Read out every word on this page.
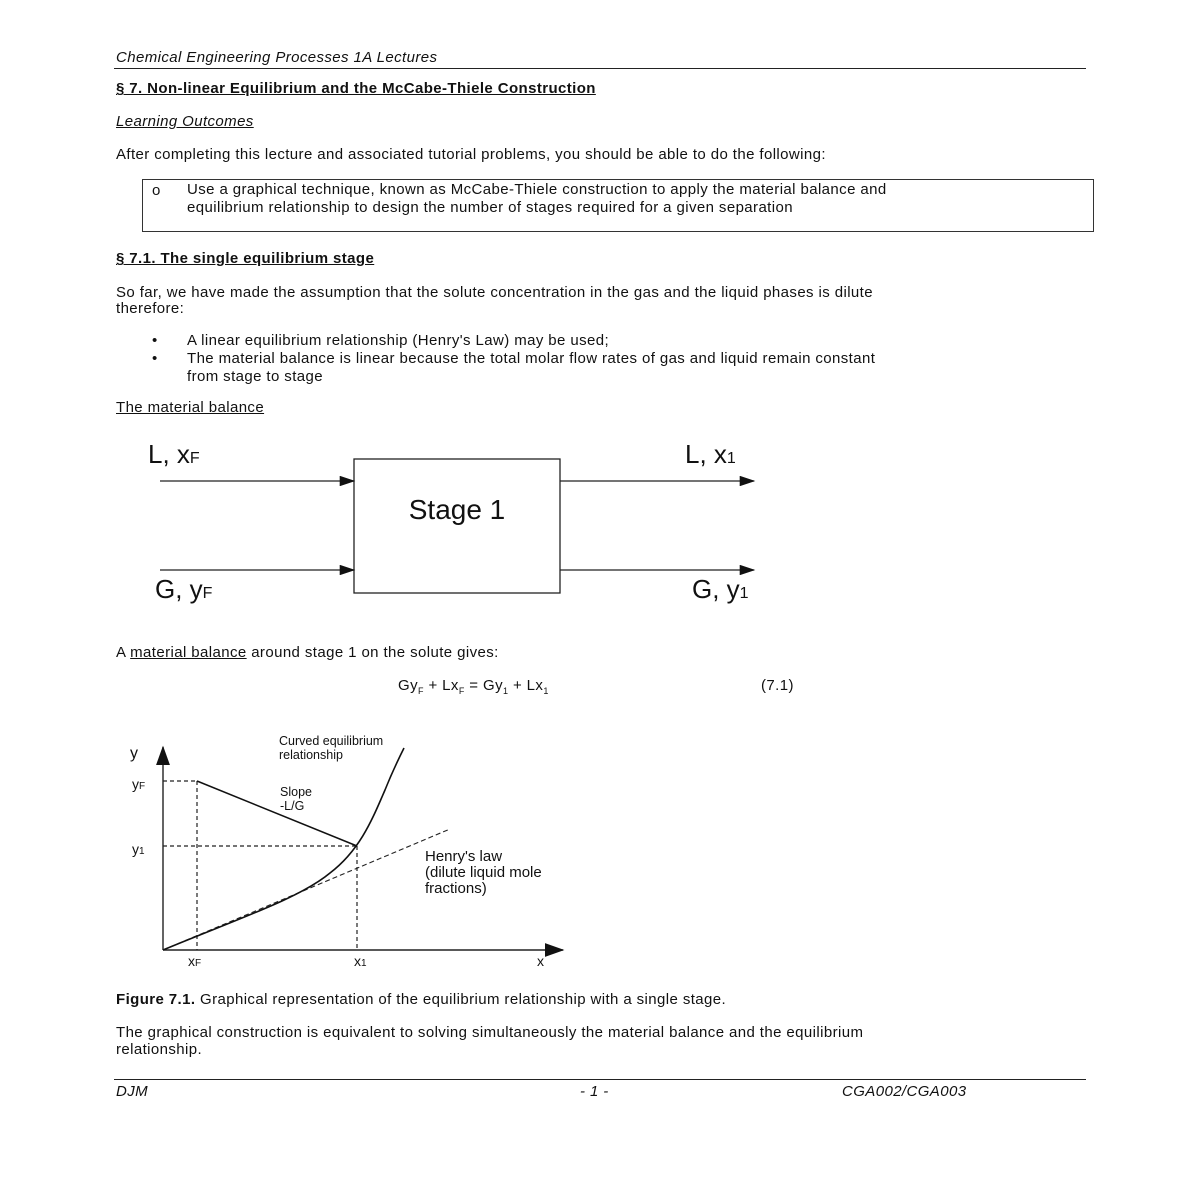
Chemical Engineering Processes 1A Lectures
§ 7. Non-linear Equilibrium and the McCabe-Thiele Construction
Learning Outcomes
After completing this lecture and associated tutorial problems, you should be able to do the following:
o Use a graphical technique, known as McCabe-Thiele construction to apply the material balance and
equilibrium relationship to design the number of stages required for a given separation
§ 7.1. The single equilibrium stage
So far, we have made the assumption that the solute concentration in the gas and the liquid phases is dilute
therefore:
• A linear equilibrium relationship (Henry's Law) may be used;
• The material balance is linear because the total molar flow rates of gas and liquid remain constant
from stage to stage
The material balance
Stage 1
L, xF
G, yF
L, x1
G, y1
A material balance around stage 1 on the solute gives:
$Gy_F + Lx_F = Gy_1 + Lx_1$	(7.1)
y
x
yF
y1
xF	x1
Curved equilibrium
relationship
Slope
-L/G
Henry's law
(dilute liquid mole
fractions)
Figure 7.1. Graphical representation of the equilibrium relationship with a single stage.
The graphical construction is equivalent to solving simultaneously the material balance and the equilibrium
relationship.
DJM	- 1 -	CGA002/CGA003
